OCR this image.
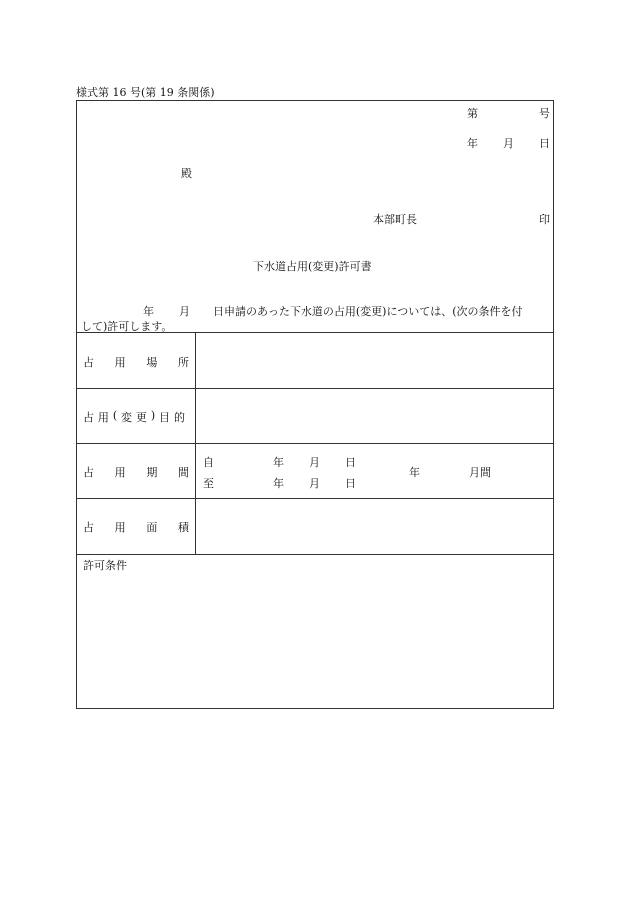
様式第 16 号(第 19 条関係)
第	号
年 月 日
殿
本部町長	印
下水道占用(変更)許可書
年 月 日申請のあった下水道の占用(変更)については、(次の条件を付
して)許可します。
占 用 場 所
占 用 ( 変 更 ) 目 的
占 用 期 間
自	年 月 日
至	年 月 日
年	月間
占 用 面 積
許可条件
